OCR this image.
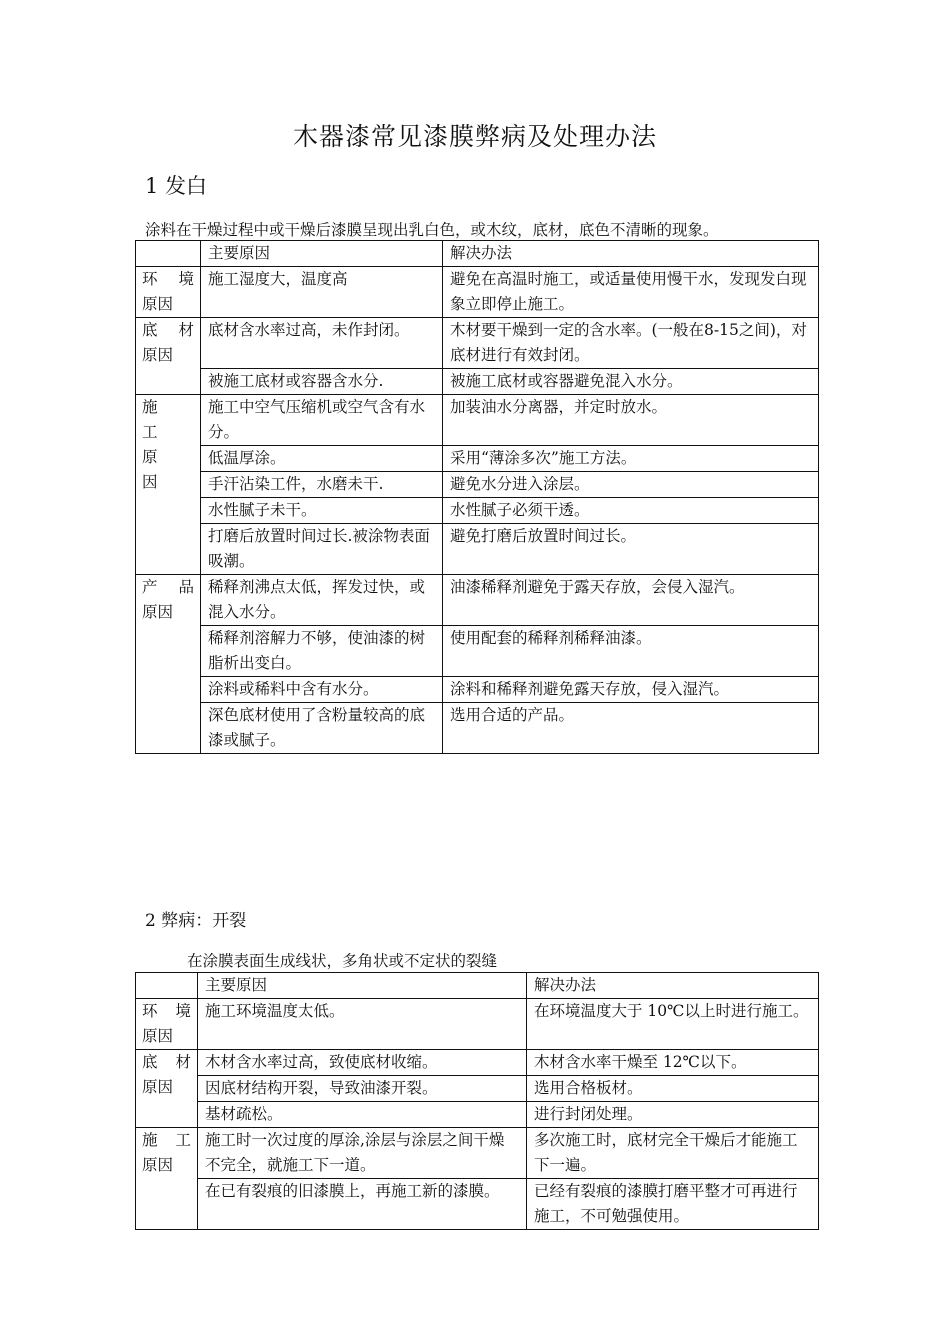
木器漆常见漆膜弊病及处理办法
1 发白
涂料在干燥过程中或干燥后漆膜呈现出乳白色，或木纹，底材，底色不清晰的现象。
	主要原因	解决办法

环 境
原因	施工湿度大，温度高	避免在高温时施工，或适量使用慢干水，发现发白现象立即停止施工。

底 材
原因	底材含水率过高，未作封闭。	木材要干燥到一定的含水率。(一般在8-15之间)，对底材进行有效封闭。
	被施工底材或容器含水分.	被施工底材或容器避免混入水分。

施
工
原
因	施工中空气压缩机或空气含有水分。	加装油水分离器，并定时放水。
	低温厚涂。	采用“薄涂多次”施工方法。
	手汗沾染工件，水磨未干.	避免水分进入涂层。
	水性腻子未干。	水性腻子必须干透。
	打磨后放置时间过长.被涂物表面吸潮。	避免打磨后放置时间过长。

产 品
原因	稀释剂沸点太低，挥发过快，或混入水分。	油漆稀释剂避免于露天存放，会侵入湿汽。
	稀释剂溶解力不够，使油漆的树脂析出变白。	使用配套的稀释剂稀释油漆。
	涂料或稀料中含有水分。	涂料和稀释剂避免露天存放，侵入湿汽。
	深色底材使用了含粉量较高的底漆或腻子。	选用合适的产品。
2 弊病：开裂
在涂膜表面生成线状，多角状或不定状的裂缝
	主要原因	解决办法

环 境
原因	施工环境温度太低。	在环境温度大于 10℃以上时进行施工。

底 材
原因	木材含水率过高，致使底材收缩。	木材含水率干燥至 12℃以下。
	因底材结构开裂，导致油漆开裂。	选用合格板材。
	基材疏松。	进行封闭处理。

施 工
原因	施工时一次过度的厚涂,涂层与涂层之间干燥不完全，就施工下一道。	多次施工时，底材完全干燥后才能施工下一遍。
	在已有裂痕的旧漆膜上，再施工新的漆膜。	已经有裂痕的漆膜打磨平整才可再进行施工，不可勉强使用。
